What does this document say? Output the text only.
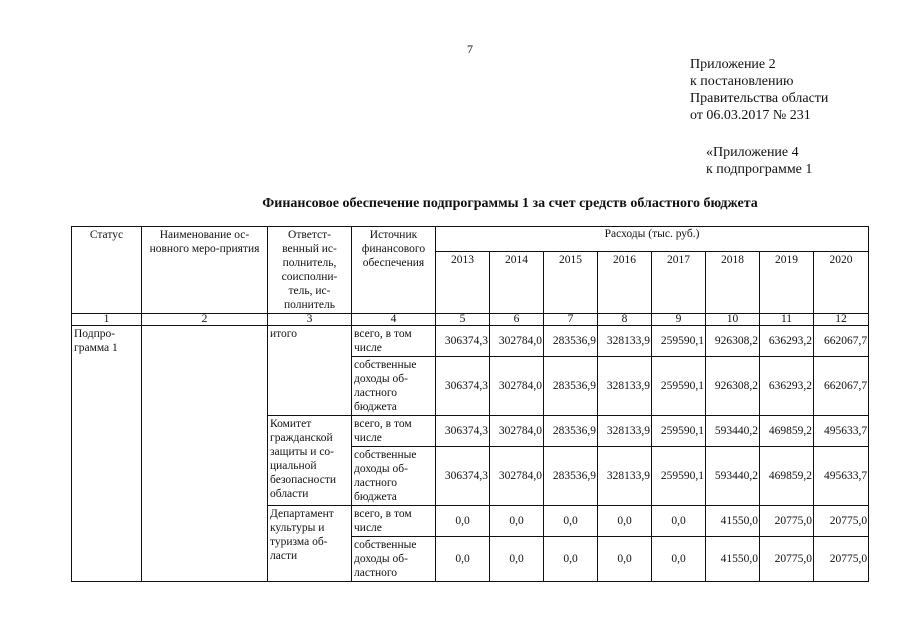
7
Приложение 2
к постановлению
Правительства области
от 06.03.2017 № 231
«Приложение 4
к подпрограмме 1
Финансовое обеспечение подпрограммы 1 за счет средств областного бюджета
Статус	Наименование ос-новного меро-приятия	Ответст-венный ис-полнитель, соисполни-тель, ис-полнитель	Источник финансового обеспечения	Расходы (тыс. руб.)							
				2013	2014	2015	2016	2017	2018	2019	2020
1	2	3	4	5	6	7	8	9	10	11	12
Подпро-грамма 1		итого	всего, в том числе	306374,3	302784,0	283536,9	328133,9	259590,1	926308,2	636293,2	662067,7
			собственные доходы об-ластного бюджета	306374,3	302784,0	283536,9	328133,9	259590,1	926308,2	636293,2	662067,7
		Комитет гражданской защиты и со-циальной безопасности области	всего, в том числе	306374,3	302784,0	283536,9	328133,9	259590,1	593440,2	469859,2	495633,7
			собственные доходы об-ластного бюджета	306374,3	302784,0	283536,9	328133,9	259590,1	593440,2	469859,2	495633,7
		Департамент культуры и туризма об-ласти	всего, в том числе	0,0	0,0	0,0	0,0	0,0	41550,0	20775,0	20775,0
			собственные доходы об-ластного	0,0	0,0	0,0	0,0	0,0	41550,0	20775,0	20775,0
